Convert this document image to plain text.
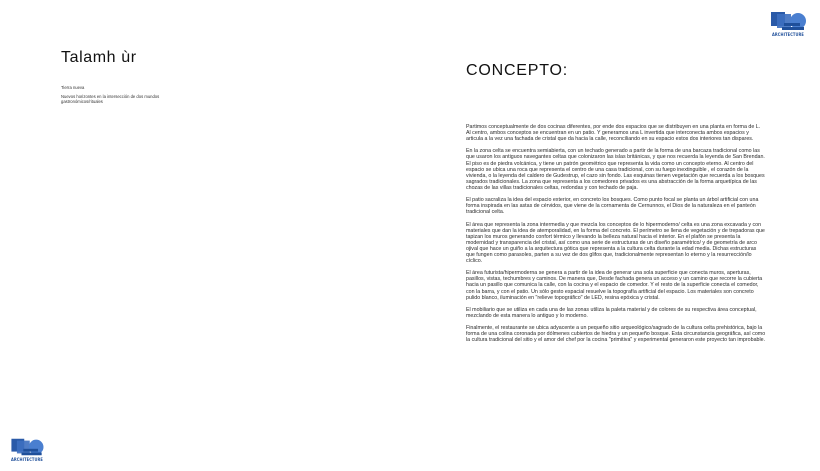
ARCHITECTURE
ARCHITECTURE
Talamh ùr
Tierra nueva
Nuevos horizontes en la intersección de dos mundos gastronómicos/rituales
CONCEPTO:

Partimos conceptualmente de dos cocinas diferentes, por ende dos espacios que se distribuyen en una planta en forma de L. Al centro, ambos conceptos se encuentran en un patio. Y generamos una L invertida que interconecta ambos espacios y articula a la vez una fachada de cristal que da hacia la calle, reconciliando en su espacio estos dos interiores tan dispares.

En la zona celta se encuentra semiabierta, con un techado generado a partir de la forma de una barcaza tradicional como las que usaron los antiguos navegantes celtas que colonizaron las islas británicas, y que nos recuerda la leyenda de San Brendan. El piso es de piedra volcánica, y tiene un patrón geométrico que representa la vida como un concepto eterno. Al centro del espacio se ubica una roca que representa el centro de una casa tradicional, con su fuego inextinguible , el corazón de la vivienda, o la leyenda del caldero de Gudestrup, el cazo sin fondo. Las esquinas tienen vegetación que recuerda a los bosques sagrados tradicionales. La zona que representa a los comedores privados es una abstracción de la forma arquetípica de las chozas de las villas tradicionales celtas, redondas y con techado de paja.

El patio sacraliza la idea del espacio exterior, en concreto los bosques. Como punto focal se planta un árbol artificial con una forma inspirada en las astas de cérvidos, que viene de la cornamenta de Cernunnos, el Dios de la naturaleza en el panteón tradicional celta.

El área que representa la zona intermedia y que mezcla los conceptos de lo hipermoderno/ celta es una zona excavada y con materiales que dan la idea de atemporalidad, en la forma del concreto. El perímetro se llena de vegetación y de trepadoras que tapizan los muros generando confort térmico y llevando la belleza natural hacia el interior. En el plafón se presenta la modernidad y transparencia del cristal, así como una serie de estructuras de un diseño paramétrico/ y de geometría de arco ojival que hace un guiño a la arquitectura gótica que representa a la cultura celta durante la edad media. Dichas estructuras que fungen como parasoles, parten a su vez de dos glifos que, tradicionalmente representan lo eterno y la resurrección/lo cíclico.

El área futurista/hipermoderna se genera a partir de la idea de generar una sola superficie que conecta muros, aperturas, pasillos, vistas, techumbres y caminos. De manera que, Desde fachada genera un acceso y un camino que recorre la cubierta hacia un pasillo que comunica la calle, con la cocina y el espacio de comedor. Y el resto de la superficie conecta el comedor, con la barra, y con el patio. Un sólo gesto espacial resuelve la topografía artificial del espacio. Los materiales son concreto pulido blanco, iluminación en "relieve topográfico" de LED, resina epóxica y cristal.

El mobiliario que se utiliza en cada una de las zonas utiliza la paleta material y de colores de su respectiva área conceptual, mezclando de esta manera lo antiguo y lo moderno.

Finalmente, el restaurante se ubica adyacente a un pequeño sitio arqueológico/sagrado de la cultura celta prehistórica, bajo la forma de una colina coronada por dólmenes cubiertos de hiedra y un pequeño bosque. Esta circunstancia geográfica, así como la cultura tradicional del sitio y el amor del chef por la cocina "primitiva" y experimental generaron este proyecto tan improbable.
